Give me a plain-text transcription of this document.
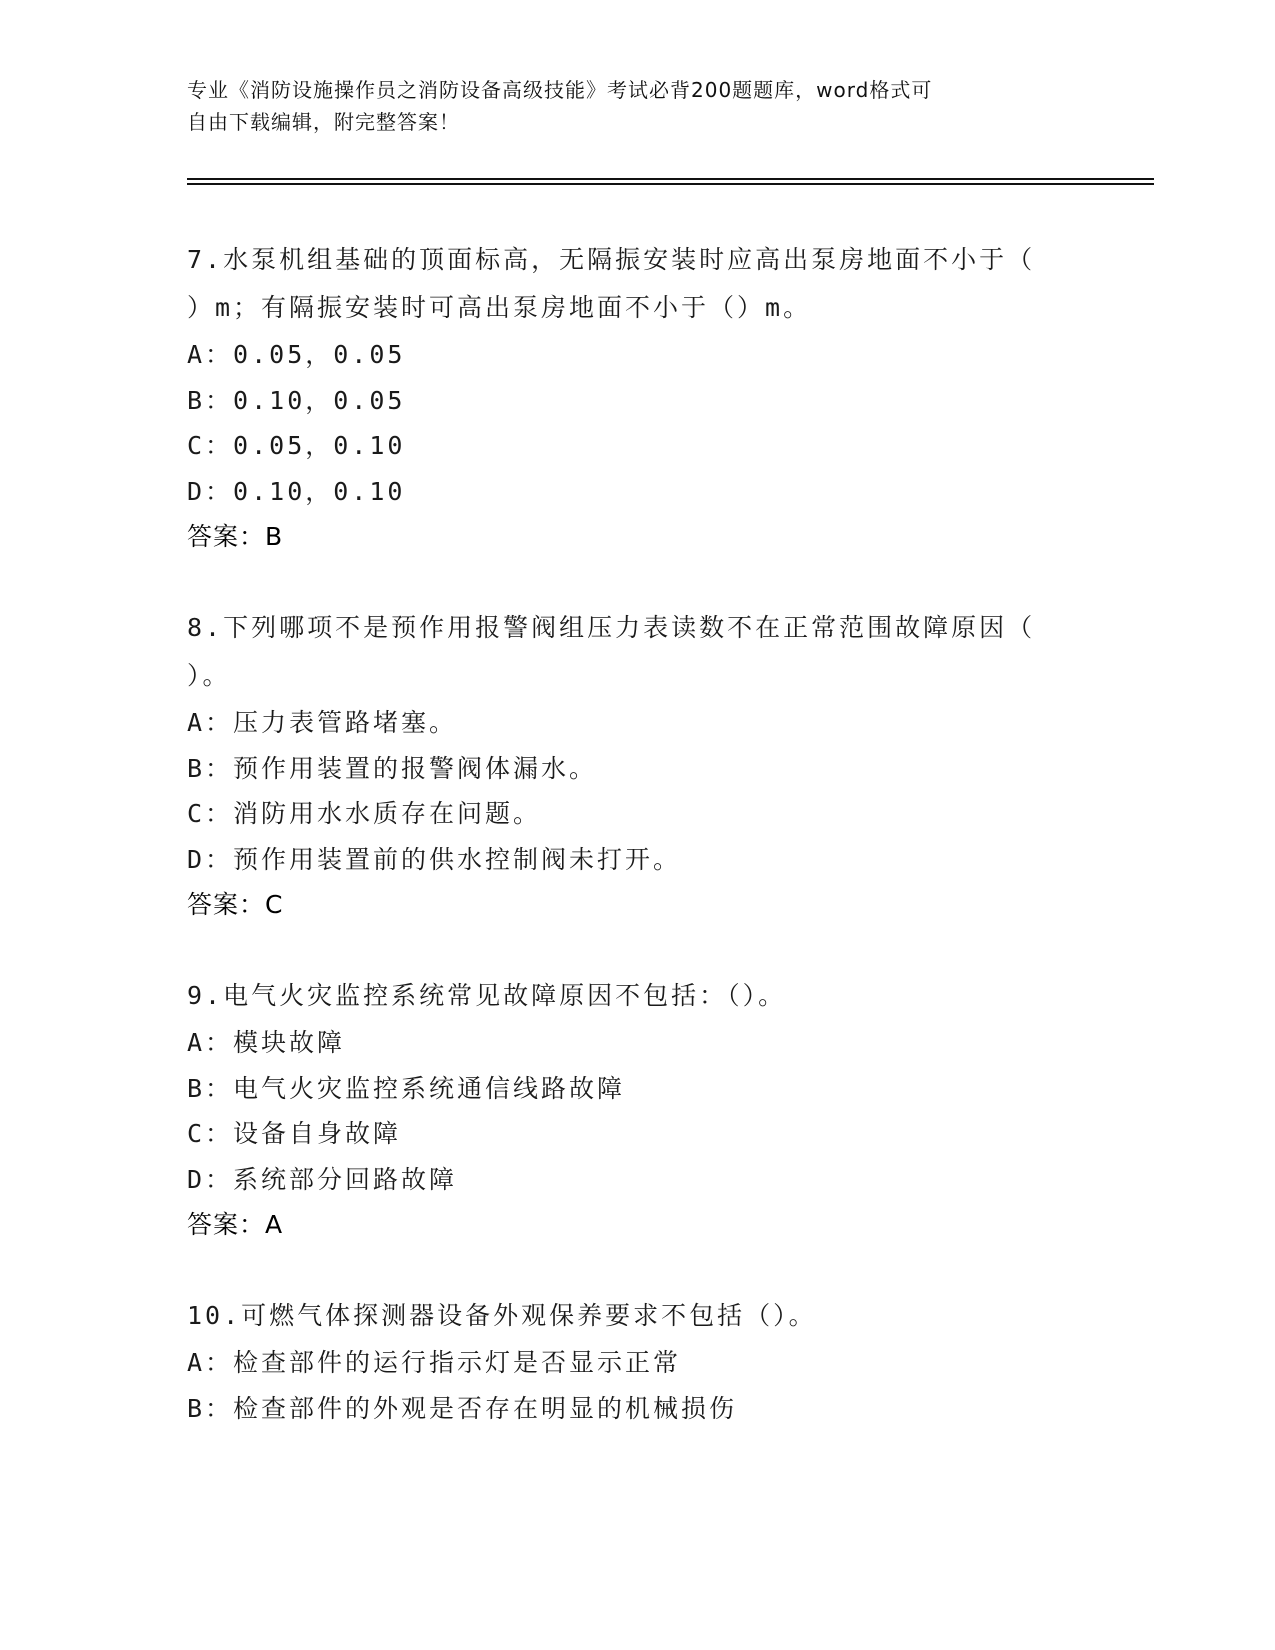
专业《消防设施操作员之消防设备高级技能》考试必背200题题库，word格式可
自由下载编辑，附完整答案！
7.水泵机组基础的顶面标高，无隔振安装时应高出泵房地面不小于（
）m；有隔振安装时可高出泵房地面不小于（）m。
A：0.05，0.05
B：0.10，0.05
C：0.05，0.10
D：0.10，0.10
答案：B
8.下列哪项不是预作用报警阀组压力表读数不在正常范围故障原因（
）。
A：压力表管路堵塞。
B：预作用装置的报警阀体漏水。
C：消防用水水质存在问题。
D：预作用装置前的供水控制阀未打开。
答案：C
9.电气火灾监控系统常见故障原因不包括：（）。
A：模块故障
B：电气火灾监控系统通信线路故障
C：设备自身故障
D：系统部分回路故障
答案：A
10.可燃气体探测器设备外观保养要求不包括（）。
A：检查部件的运行指示灯是否显示正常
B：检查部件的外观是否存在明显的机械损伤
